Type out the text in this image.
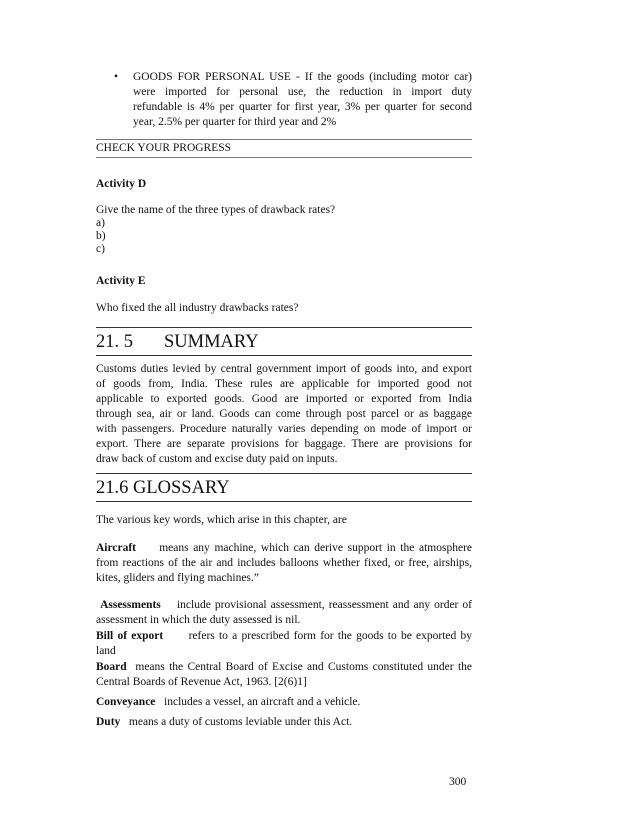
• GOODS FOR PERSONAL USE - If the goods (including motor car)
were imported for personal use, the reduction in import duty
refundable is 4% per quarter for first year, 3% per quarter for second
year, 2.5% per quarter for third year and 2%
CHECK YOUR PROGRESS
Activity D
Give the name of the three types of drawback rates?
a)
b)
c)
Activity E
Who fixed the all industry drawbacks rates?
21. 5 SUMMARY
Customs duties levied by central government import of goods into, and export
of goods from, India. These rules are applicable for imported good not
applicable to exported goods. Good are imported or exported from India
through sea, air or land. Goods can come through post parcel or as baggage
with passengers. Procedure naturally varies depending on mode of import or
export. There are separate provisions for baggage. There are provisions for
draw back of custom and excise duty paid on inputs.
21.6 GLOSSARY
The various key words, which arise in this chapter, are
Aircraft means any machine, which can derive support in the atmosphere
from reactions of the air and includes balloons whether fixed, or free, airships,
kites, gliders and flying machines.”
Assessments include provisional assessment, reassessment and any order of
assessment in which the duty assessed is nil.
Bill of export refers to a prescribed form for the goods to be exported by
land
Board means the Central Board of Excise and Customs constituted under the
Central Boards of Revenue Act, 1963. [2(6)1]
Conveyance includes a vessel, an aircraft and a vehicle.
Duty means a duty of customs leviable under this Act.
300
